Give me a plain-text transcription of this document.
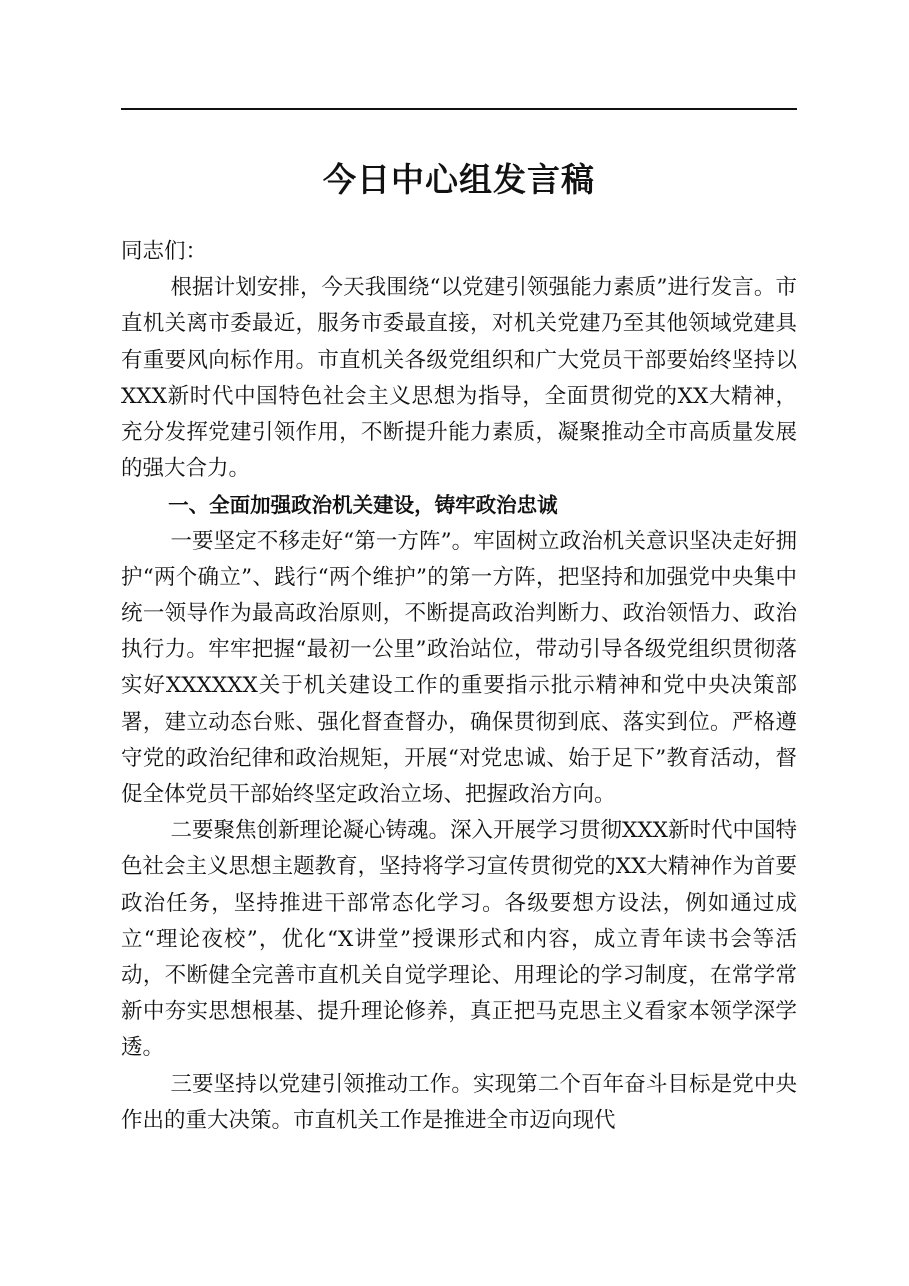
今日中心组发言稿

同志们：

根据计划安排，今天我围绕“以党建引领强能力素质”进行发言。市直机关离市委最近，服务市委最直接，对机关党建乃至其他领域党建具有重要风向标作用。市直机关各级党组织和广大党员干部要始终坚持以XXX新时代中国特色社会主义思想为指导，全面贯彻党的XX大精神，充分发挥党建引领作用，不断提升能力素质，凝聚推动全市高质量发展的强大合力。

一、全面加强政治机关建设，铸牢政治忠诚

一要坚定不移走好“第一方阵”。牢固树立政治机关意识坚决走好拥护“两个确立”、践行“两个维护”的第一方阵，把坚持和加强党中央集中统一领导作为最高政治原则，不断提高政治判断力、政治领悟力、政治执行力。牢牢把握“最初一公里”政治站位，带动引导各级党组织贯彻落实好XXXXXX关于机关建设工作的重要指示批示精神和党中央决策部署，建立动态台账、强化督查督办，确保贯彻到底、落实到位。严格遵守党的政治纪律和政治规矩，开展“对党忠诚、始于足下”教育活动，督促全体党员干部始终坚定政治立场、把握政治方向。

二要聚焦创新理论凝心铸魂。深入开展学习贯彻XXX新时代中国特色社会主义思想主题教育，坚持将学习宣传贯彻党的XX大精神作为首要政治任务，坚持推进干部常态化学习。各级要想方设法，例如通过成立“理论夜校”，优化“X讲堂”授课形式和内容，成立青年读书会等活动，不断健全完善市直机关自觉学理论、用理论的学习制度，在常学常新中夯实思想根基、提升理论修养，真正把马克思主义看家本领学深学透。

三要坚持以党建引领推动工作。实现第二个百年奋斗目标是党中央作出的重大决策。市直机关工作是推进全市迈向现代
